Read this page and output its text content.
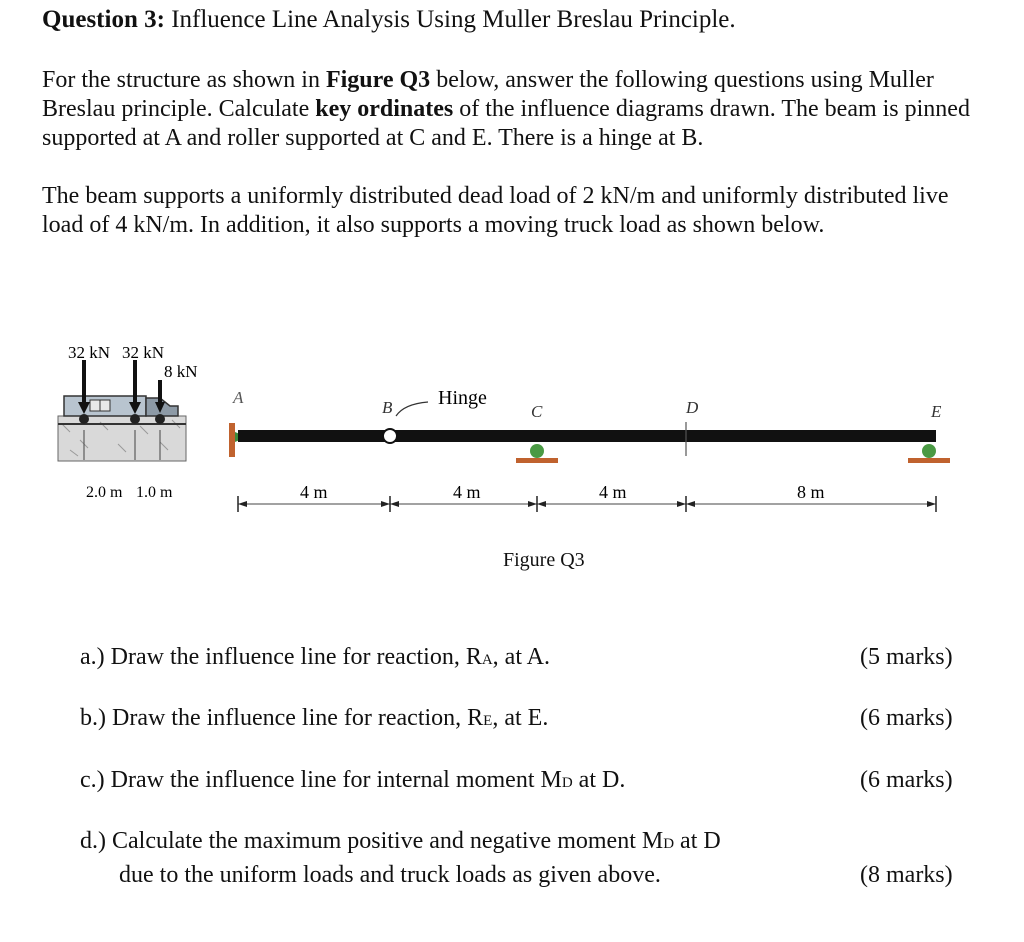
Question 3: Influence Line Analysis Using Muller Breslau Principle.
For the structure as shown in Figure Q3 below, answer the following questions using Muller Breslau principle. Calculate key ordinates of the influence diagrams drawn. The beam is pinned supported at A and roller supported at C and E. There is a hinge at B.
The beam supports a uniformly distributed dead load of 2 kN/m and uniformly distributed live load of 4 kN/m. In addition, it also supports a moving truck load as shown below.
32 kN 32 kN
8 kN
2.0 m 1.0 m
A
B Hinge
C	D	E
4 m	4 m	4 m	8 m
Figure Q3
a.) Draw the influence line for reaction, RA, at A.	(5 marks)
b.) Draw the influence line for reaction, RE, at E.	(6 marks)
c.) Draw the influence line for internal moment MD at D.	(6 marks)
d.) Calculate the maximum positive and negative moment MD at D
due to the uniform loads and truck loads as given above.	(8 marks)
